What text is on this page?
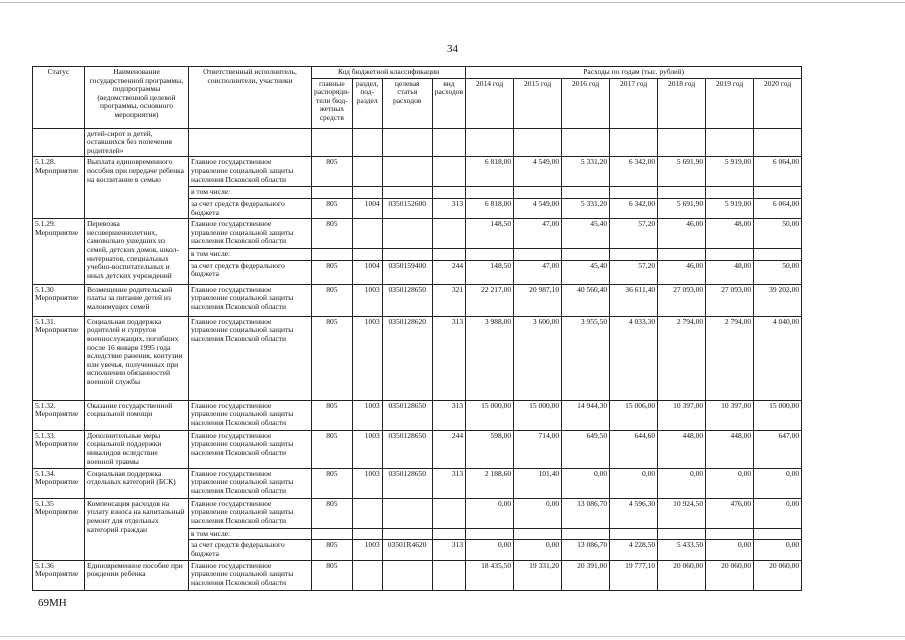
34
Статус	Наименование государственной программы, подпрограммы (ведомственной целевой программы, основного мероприятия)	Ответственный исполнитель, соисполнители, участники	Код бюджетной классификации				Расходы по годам (тыс. рублей)						
			главные распоряди-тели бюд-жетных средств	раздел, под-раздел	целевая статья расходов	вид расходов	2014 год	2015 год	2016 год	2017 год	2018 год	2019 год	2020 год
	детей-сирот и детей, оставшихся без попечения родителей»												
5.1.28. Мероприятие	Выплата единовременного пособия при передаче ребенка на воспитание в семью	Главное государственное управление социальной защиты населения Псковской области	805				6 818,00	4 549,00	5 331,20	6 342,00	5 691,90	5 919,00	6 064,00
		в том числе:											
		за счет средств федерального бюджета	805	1004	0350152600	313	6 818,00	4 549,00	5 331,20	6 342,00	5 691,90	5 919,00	6 064,00
5.1.29. Мероприятие	Перевозка несовершеннолетних, самовольно ушедших из семей, детских домов, школ-интернатов, специальных учебно-воспитательных и иных детских учреждений	Главное государственное управление социальной защиты населения Псковской области	805				148,50	47,00	45,40	57,20	46,00	48,00	50,00
		в том числе:											
		за счет средств федерального бюджета	805	1004	0350159400	244	148,50	47,00	45,40	57,20	46,00	48,00	50,00
5.1.30 Мероприятие	Возмещение родительской платы за питание детей из малоимущих семей	Главное государственное управление социальной защиты населения Псковской области	805	1003	0350128650	321	22 217,00	20 987,10	40 560,40	36 611,40	27 093,00	27 093,00	39 202,00
5.1.31. Мероприятие	Социальная поддержка родителей и супругов военнослужащих, погибших после 16 января 1995 года вследствие ранения, контузии или увечья, полученных при исполнении обязанностей военной службы	Главное государственное управление социальной защиты населения Псковской области	805	1003	0350128620	313	3 988,00	3 600,00	3 955,50	4 033,30	2 794,00	2 794,00	4 040,00
5.1.32. Мероприятие	Оказание государственной социальной помощи	Главное государственное управление социальной защиты населения Псковской области	805	1003	0350128650	313	15 000,00	15 000,00	14 944,30	15 006,00	10 397,00	10 397,00	15 000,00
5.1.33. Мероприятие	Дополнительные меры социальной поддержки инвалидов вследствие военной травмы	Главное государственное управление социальной защиты населения Псковской области	805	1003	0350128650	244	598,00	714,00	649,50	644,60	448,00	448,00	647,00
5.1.34. Мероприятие	Социальная поддержка отдельных категорий (БСК)	Главное государственное управление социальной защиты населения Псковской области	805	1003	0350128650	313	2 188,60	101,40	0,00	0,00	0,00	0,00	0,00
5.1.35 Мероприятие	Компенсация расходов на уплату взноса на капитальный ремонт для отдельных категорий граждан	Главное государственное управление социальной защиты населения Псковской области	805				0,00	0,00	13 086,70	4 596,30	10 924,50	476,00	0,00
		в том числе:											
		за счет средств федерального бюджета	805	1003	03501R4620	313	0,00	0,00	13 086,70	4 228,50	5 433,50	0,00	0,00
5.1.36 Мероприятие	Единовременное пособие при рождении ребенка	Главное государственное управление социальной защиты населения Псковской области	805				18 435,50	19 331,20	20 391,00	19 777,10	20 060,00	20 060,00	20 060,00
69МН
